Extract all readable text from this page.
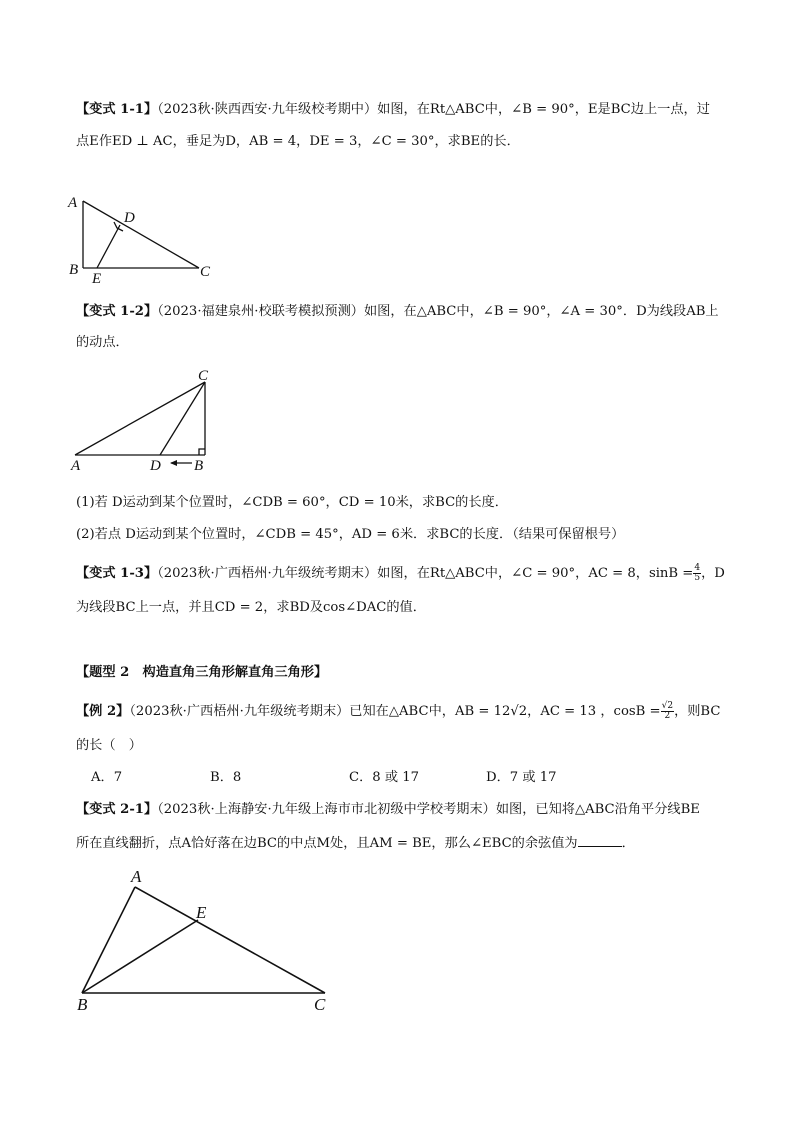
【变式 1-1】（2023秋·陕西西安·九年级校考期中）如图，在Rt△ABC中，∠B = 90°，E是BC边上一点，过
点E作ED ⊥ AC，垂足为D，AB = 4，DE = 3，∠C = 30°，求BE的长．
A
D
B
E	C
C
A	D B
A
E
B	C
【变式 1-2】（2023·福建泉州·校联考模拟预测）如图，在△ABC中，∠B = 90°，∠A = 30°．D为线段AB上
的动点．
(1)若 D运动到某个位置时，∠CDB = 60°，CD = 10米，求BC的长度．
(2)若点 D运动到某个位置时，∠CDB = 45°，AD = 6米．求BC的长度．（结果可保留根号）
【变式 1-3】（2023秋·广西梧州·九年级统考期末）如图，在Rt△ABC中，∠C = 90°，AC = 8，$\sin B = \frac{4}{5}$ ，D
为线段BC上一点，并且CD = 2，求BD及cos∠DAC的值．
【题型 2　构造直角三角形解直角三角形】
【例 2】（2023秋·广西梧州·九年级统考期末）已知在△ABC中，AB = 12√2，AC = 13 ，$\cos B = \frac{√2}{2}$ ，则BC
的长（　）
A．7	B．8	C．8 或 17	D．7 或 17
【变式 2-1】（2023秋·上海静安·九年级上海市市北初级中学校考期末）如图，已知将△ABC沿角平分线BE
所在直线翻折，点A恰好落在边BC的中点M处，且AM = BE，那么∠EBC的余弦值为	．
